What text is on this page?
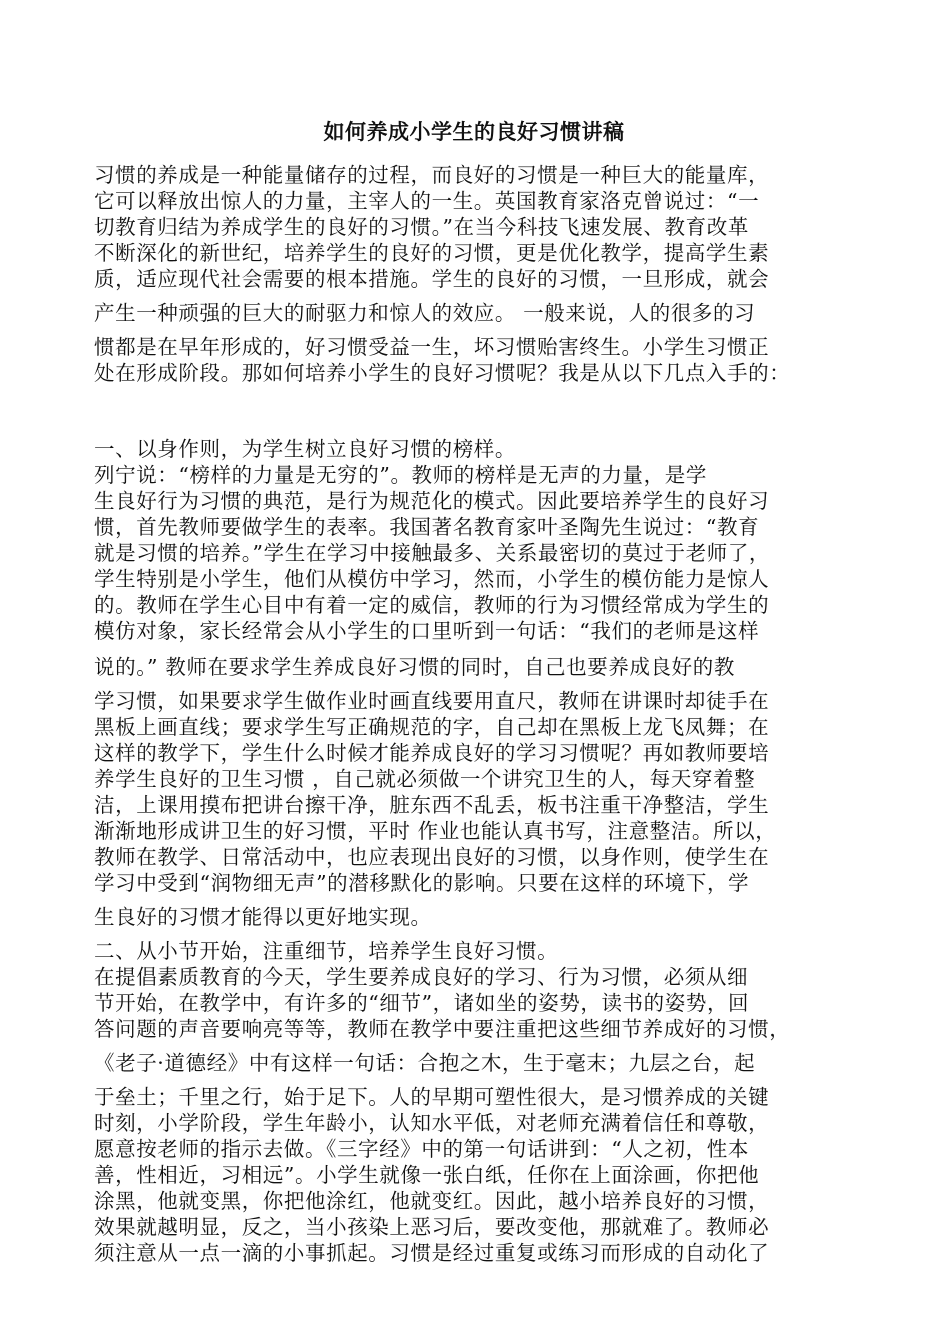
如何养成小学生的良好习惯讲稿
习惯的养成是一种能量储存的过程，而良好的习惯是一种巨大的能量库，
它可以释放出惊人的力量，主宰人的一生。英国教育家洛克曾说过：“一
切教育归结为养成学生的良好的习惯。”在当今科技飞速发展、教育改革
不断深化的新世纪，培养学生的良好的习惯，更是优化教学，提高学生素
质，适应现代社会需要的根本措施。学生的良好的习惯，一旦形成，就会
产生一种顽强的巨大的耐驱力和惊人的效应。 一般来说，人的很多的习
惯都是在早年形成的，好习惯受益一生，坏习惯贻害终生。小学生习惯正
处在形成阶段。那如何培养小学生的良好习惯呢？我是从以下几点入手的：
一、以身作则，为学生树立良好习惯的榜样。
列宁说：“榜样的力量是无穷的”。教师的榜样是无声的力量，是学
生良好行为习惯的典范，是行为规范化的模式。因此要培养学生的良好习
惯，首先教师要做学生的表率。我国著名教育家叶圣陶先生说过：“教育
就是习惯的培养。”学生在学习中接触最多、关系最密切的莫过于老师了，
学生特别是小学生，他们从模仿中学习，然而，小学生的模仿能力是惊人
的。教师在学生心目中有着一定的威信，教师的行为习惯经常成为学生的
模仿对象，家长经常会从小学生的口里听到一句话：“我们的老师是这样
说的。” 教师在要求学生养成良好习惯的同时，自己也要养成良好的教
学习惯，如果要求学生做作业时画直线要用直尺，教师在讲课时却徒手在
黑板上画直线；要求学生写正确规范的字，自己却在黑板上龙飞凤舞；在
这样的教学下，学生什么时候才能养成良好的学习习惯呢？再如教师要培
养学生良好的卫生习惯 ，自己就必须做一个讲究卫生的人，每天穿着整
洁，上课用摸布把讲台擦干净，脏东西不乱丢，板书注重干净整洁，学生
渐渐地形成讲卫生的好习惯，平时 作业也能认真书写，注意整洁。所以，
教师在教学、日常活动中，也应表现出良好的习惯，以身作则，使学生在
学习中受到“润物细无声”的潜移默化的影响。只要在这样的环境下，学
生良好的习惯才能得以更好地实现。
二、从小节开始，注重细节，培养学生良好习惯。
在提倡素质教育的今天，学生要养成良好的学习、行为习惯，必须从细
节开始，在教学中，有许多的“细节”，诸如坐的姿势，读书的姿势，回
答问题的声音要响亮等等，教师在教学中要注重把这些细节养成好的习惯，
《老子·道德经》中有这样一句话：合抱之木，生于毫末；九层之台，起
于垒土；千里之行，始于足下。人的早期可塑性很大，是习惯养成的关键
时刻，小学阶段，学生年龄小，认知水平低，对老师充满着信任和尊敬，
愿意按老师的指示去做。《三字经》中的第一句话讲到：“人之初，性本
善，性相近，习相远”。小学生就像一张白纸，任你在上面涂画，你把他
涂黑，他就变黑，你把他涂红，他就变红。因此，越小培养良好的习惯，
效果就越明显，反之，当小孩染上恶习后，要改变他，那就难了。教师必
须注意从一点一滴的小事抓起。习惯是经过重复或练习而形成的自动化了
